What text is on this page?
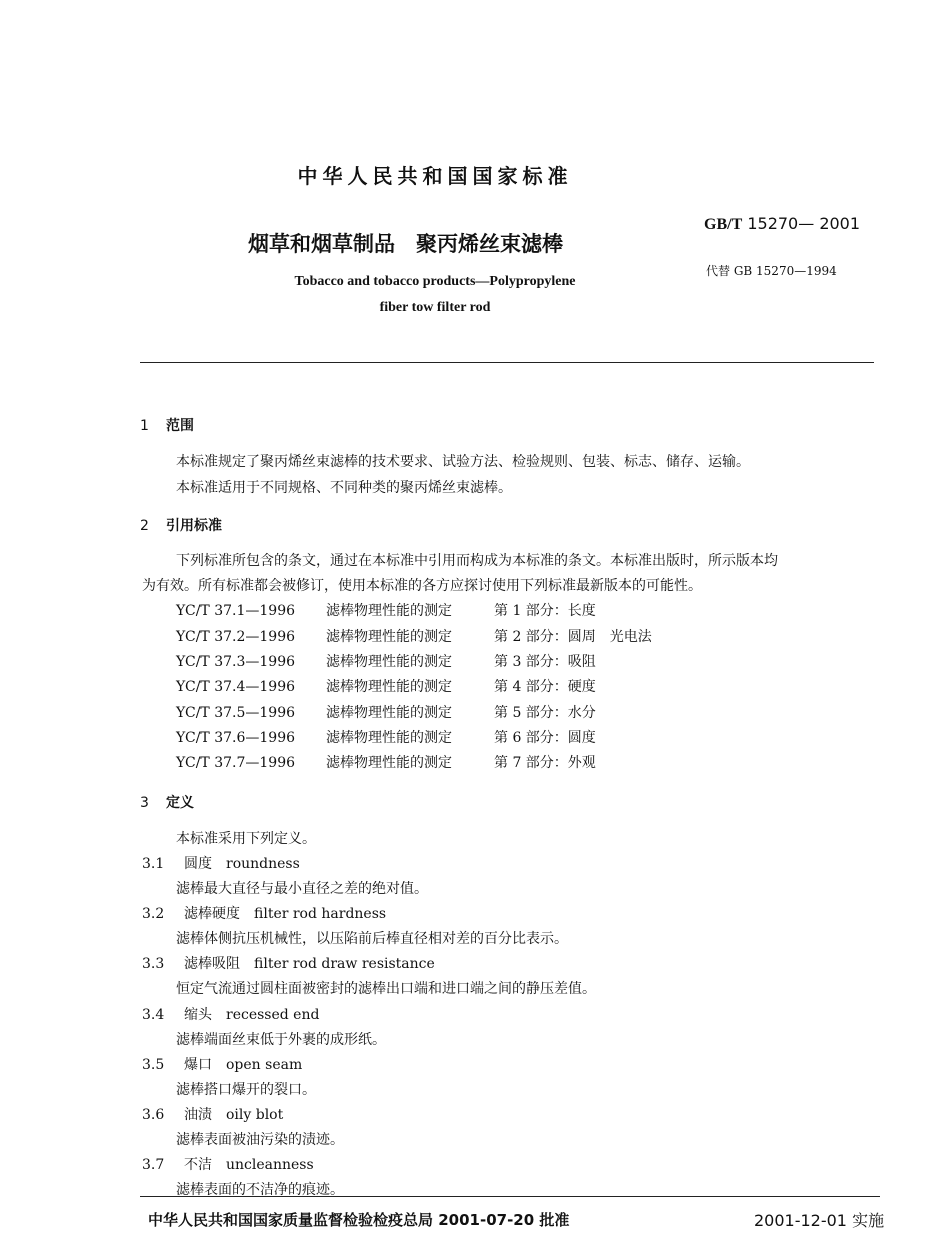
中华人民共和国国家标准
烟草和烟草制品　聚丙烯丝束滤棒
Tobacco and tobacco products—Polypropylene
fiber tow filter rod
GB/T 15270— 2001
代替 GB 15270—1994
1 范围
本标准规定了聚丙烯丝束滤棒的技术要求、试验方法、检验规则、包装、标志、储存、运输。
本标准适用于不同规格、不同种类的聚丙烯丝束滤棒。
2 引用标准
下列标准所包含的条文，通过在本标准中引用而构成为本标准的条文。本标准出版时，所示版本均
为有效。所有标准都会被修订，使用本标准的各方应探讨使用下列标准最新版本的可能性。
YC/T 37.1—1996 滤棒物理性能的测定	第 1 部分：长度
YC/T 37.2—1996 滤棒物理性能的测定	第 2 部分：圆周　光电法
YC/T 37.3—1996 滤棒物理性能的测定	第 3 部分：吸阻
YC/T 37.4—1996 滤棒物理性能的测定	第 4 部分：硬度
YC/T 37.5—1996 滤棒物理性能的测定	第 5 部分：水分
YC/T 37.6—1996 滤棒物理性能的测定	第 6 部分：圆度
YC/T 37.7—1996 滤棒物理性能的测定	第 7 部分：外观
3 定义
本标准采用下列定义。
3.1 圆度 roundness
滤棒最大直径与最小直径之差的绝对值。
3.2 滤棒硬度 filter rod hardness
滤棒体侧抗压机械性，以压陷前后棒直径相对差的百分比表示。
3.3 滤棒吸阻 filter rod draw resistance
恒定气流通过圆柱面被密封的滤棒出口端和进口端之间的静压差值。
3.4 缩头 recessed end
滤棒端面丝束低于外裹的成形纸。
3.5 爆口 open seam
滤棒搭口爆开的裂口。
3.6 油渍 oily blot
滤棒表面被油污染的渍迹。
3.7 不洁 uncleanness
滤棒表面的不洁净的痕迹。
中华人民共和国国家质量监督检验检疫总局 2001-07-20 批准	2001-12-01 实施
